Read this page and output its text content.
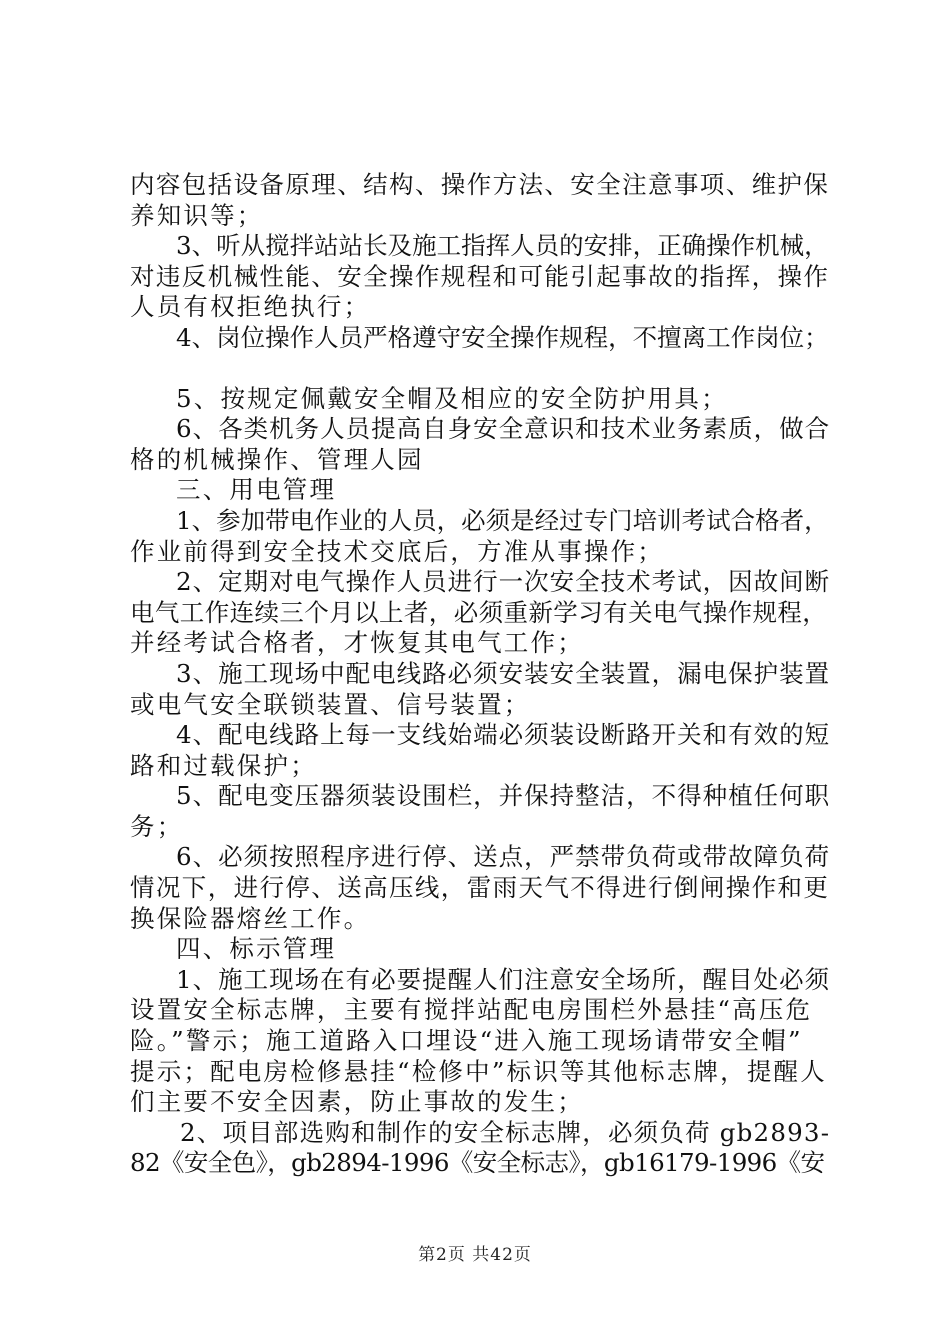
内容包括设备原理、结构、操作方法、安全注意事项、维护保
养知识等；
3、听从搅拌站站长及施工指挥人员的安排，正确操作机械，
对违反机械性能、安全操作规程和可能引起事故的指挥，操作
人员有权拒绝执行；
4、岗位操作人员严格遵守安全操作规程，不擅离工作岗位；
5、按规定佩戴安全帽及相应的安全防护用具；
6、各类机务人员提高自身安全意识和技术业务素质，做合
格的机械操作、管理人园
三、用电管理
1、参加带电作业的人员，必须是经过专门培训考试合格者，
作业前得到安全技术交底后，方准从事操作；
2、定期对电气操作人员进行一次安全技术考试，因故间断
电气工作连续三个月以上者，必须重新学习有关电气操作规程，
并经考试合格者，才恢复其电气工作；
3、施工现场中配电线路必须安装安全装置，漏电保护装置
或电气安全联锁装置、信号装置；
4、配电线路上每一支线始端必须装设断路开关和有效的短
路和过载保护；
5、配电变压器须装设围栏，并保持整洁，不得种植任何职
务；
6、必须按照程序进行停、送点，严禁带负荷或带故障负荷
情况下，进行停、送高压线，雷雨天气不得进行倒闸操作和更
换保险器熔丝工作。
四、标示管理
1、施工现场在有必要提醒人们注意安全场所，醒目处必须
设置安全标志牌，主要有搅拌站配电房围栏外悬挂“高压危
险。”警示；施工道路入口埋设“进入施工现场请带安全帽”
提示；配电房检修悬挂“检修中”标识等其他标志牌，提醒人
们主要不安全因素，防止事故的发生；
2、项目部选购和制作的安全标志牌，必须负荷 gb2893-
82《安全色》，gb2894-1996《安全标志》，gb16179-1996《安
第2页 共42页
